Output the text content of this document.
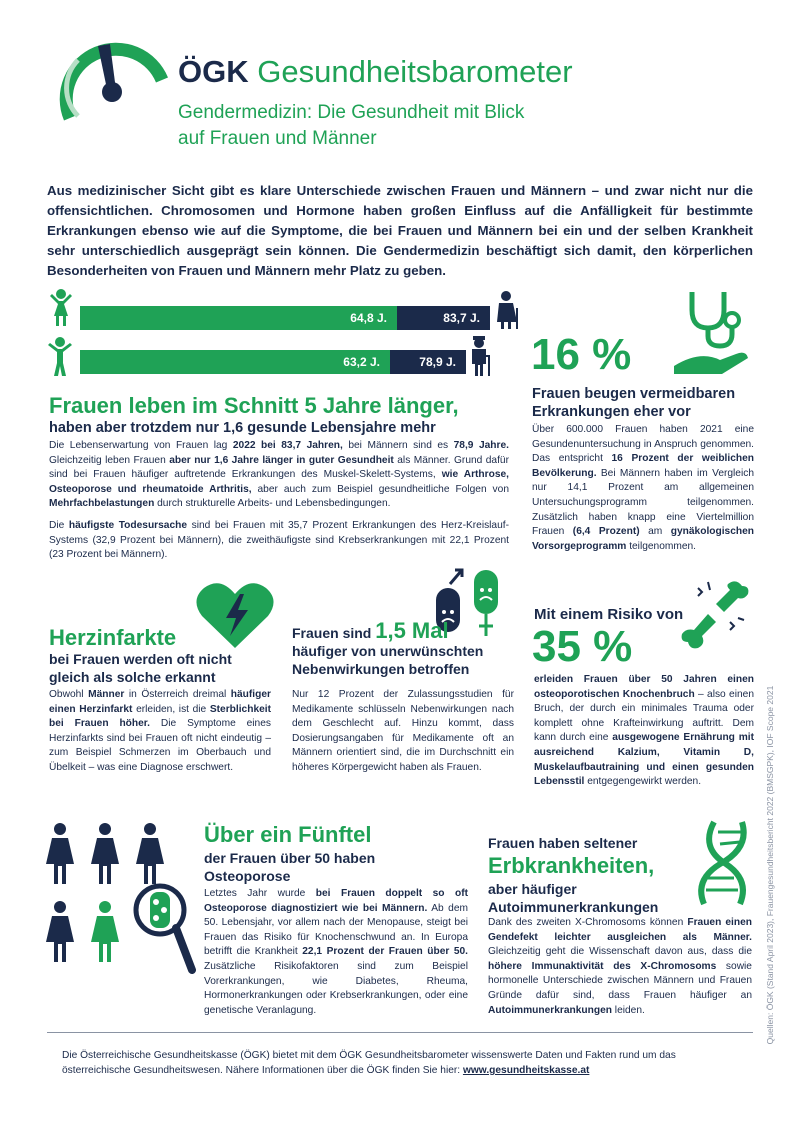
ÖGK Gesundheitsbarometer
Gendermedizin: Die Gesundheit mit Blick
auf Frauen und Männer

Aus medizinischer Sicht gibt es klare Unterschiede zwischen Frauen und Männern – und zwar nicht nur die offensichtlichen. Chromosomen und Hormone haben großen Einfluss auf die Anfälligkeit für bestimmte Erkrankungen ebenso wie auf die Symptome, die bei Frauen und Männern bei ein und der selben Krankheit sehr unterschiedlich ausgeprägt sein können. Die Gendermedizin beschäftigt sich damit, den körperlichen Besonderheiten von Frauen und Männern mehr Platz zu geben.

83,7 J.
64,8 J.
78,9 J.
63,2 J.
Frauen leben im Schnitt 5 Jahre länger,
haben aber trotzdem nur 1,6 gesunde Lebensjahre mehr

Die Lebenserwartung von Frauen lag 2022 bei 83,7 Jahren, bei Männern sind es 78,9 Jahre. Gleichzeitig leben Frauen aber nur 1,6 Jahre länger in guter Gesundheit als Männer. Grund dafür sind bei Frauen häufiger auftretende Erkrankungen des Muskel-Skelett-Systems, wie Arthrose, Osteoporose und rheumatoide Arthritis, aber auch zum Beispiel gesundheitliche Folgen von Mehrfachbelastungen durch strukturelle Arbeits- und Lebensbedingungen.

Die häufigste Todesursache sind bei Frauen mit 35,7 Prozent Erkrankungen des Herz-Kreislauf-Systems (32,9 Prozent bei Männern), die zweithäufigste sind Krebserkrankungen mit 22,1 Prozent (23 Prozent bei Männern).

16 %
Frauen beugen vermeidbaren
Erkrankungen eher vor

Über 600.000 Frauen haben 2021 eine Gesundenuntersuchung in Anspruch genommen. Das entspricht 16 Prozent der weiblichen Bevölkerung. Bei Männern haben im Vergleich nur 14,1 Prozent am allgemeinen Untersuchungsprogramm teilgenommen. Zusätzlich haben knapp eine Viertelmillion Frauen (6,4 Prozent) am gynäkologischen Vorsorgeprogramm teilgenommen.

Herzinfarkte
bei Frauen werden oft nicht
gleich als solche erkannt

Obwohl Männer in Österreich dreimal häufiger einen Herzinfarkt erleiden, ist die Sterblichkeit bei Frauen höher. Die Symptome eines Herzinfarkts sind bei Frauen oft nicht eindeutig – zum Beispiel Schmerzen im Oberbauch und Übelkeit – was eine Diagnose erschwert.

Frauen sind 1,5 Mal
häufiger von unerwünschten
Nebenwirkungen betroffen

Nur 12 Prozent der Zulassungsstudien für Medikamente schlüsseln Nebenwirkungen nach dem Geschlecht auf. Hinzu kommt, dass Dosierungsangaben für Medikamente oft an Männern orientiert sind, die im Durchschnitt ein höheres Körpergewicht haben als Frauen.

Mit einem Risiko von
35 %

erleiden Frauen über 50 Jahren einen osteoporotischen Knochenbruch – also einen Bruch, der durch ein minimales Trauma oder komplett ohne Krafteinwirkung auftritt. Dem kann durch eine ausgewogene Ernährung mit ausreichend Kalzium, Vitamin D, Muskelaufbautraining und einen gesunden Lebensstil entgegengewirkt werden.

Über ein Fünftel
der Frauen über 50 haben
Osteoporose

Letztes Jahr wurde bei Frauen doppelt so oft Osteoporose diagnostiziert wie bei Männern. Ab dem 50. Lebensjahr, vor allem nach der Menopause, steigt bei Frauen das Risiko für Knochenschwund an. In Europa betrifft die Krankheit 22,1 Prozent der Frauen über 50. Zusätzliche Risikofaktoren sind zum Beispiel Vorerkrankungen, wie Diabetes, Rheuma, Hormonerkrankungen oder Krebserkrankungen, oder eine genetische Veranlagung.

Frauen haben seltener
Erbkrankheiten,
aber häufiger
Autoimmunerkrankungen

Dank des zweiten X-Chromosoms können Frauen einen Gendefekt leichter ausgleichen als Männer. Gleichzeitig geht die Wissenschaft davon aus, dass die höhere Immunaktivität des X-Chromosoms sowie hormonelle Unterschiede zwischen Männern und Frauen Gründe dafür sind, dass Frauen häufiger an Autoimmunerkrankungen leiden.

Die Österreichische Gesundheitskasse (ÖGK) bietet mit dem ÖGK Gesundheitsbarometer wissenswerte Daten und Fakten rund um das österreichische Gesundheitswesen. Nähere Informationen über die ÖGK finden Sie hier: www.gesundheitskasse.at

Quellen: ÖGK (Stand April 2023), Frauengesundheitsbericht 2022 (BMSGPK), IOF Scope 2021
